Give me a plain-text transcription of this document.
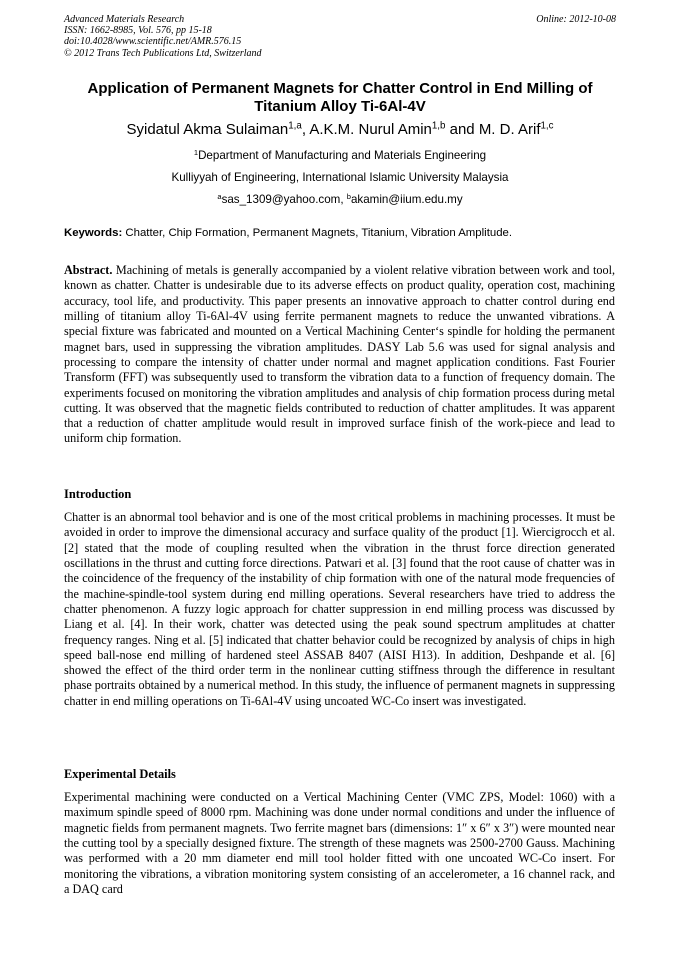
Advanced Materials Research
ISSN: 1662-8985, Vol. 576, pp 15-18
doi:10.4028/www.scientific.net/AMR.576.15
© 2012 Trans Tech Publications Ltd, Switzerland
Online: 2012-10-08
Application of Permanent Magnets for Chatter Control in End Milling of
Titanium Alloy Ti-6Al-4V
Syidatul Akma Sulaiman$^{1,a}$, A.K.M. Nurul Amin$^{1,b}$ and M. D. Arif$^{1,c}$
$^1$Department of Manufacturing and Materials Engineering
Kulliyyah of Engineering, International Islamic University Malaysia
$^a$sas_1309@yahoo.com, $^b$akamin@iium.edu.my
Keywords: Chatter, Chip Formation, Permanent Magnets, Titanium, Vibration Amplitude.
Abstract. Machining of metals is generally accompanied by a violent relative vibration between work and tool, known as chatter. Chatter is undesirable due to its adverse effects on product quality, operation cost, machining accuracy, tool life, and productivity. This paper presents an innovative approach to chatter control during end milling of titanium alloy Ti-6Al-4V using ferrite permanent magnets to reduce the unwanted vibrations. A special fixture was fabricated and mounted on a Vertical Machining Center‘s spindle for holding the permanent magnet bars, used in suppressing the vibration amplitudes. DASY Lab 5.6 was used for signal analysis and processing to compare the intensity of chatter under normal and magnet application conditions. Fast Fourier Transform (FFT) was subsequently used to transform the vibration data to a function of frequency domain. The experiments focused on monitoring the vibration amplitudes and analysis of chip formation process during metal cutting. It was observed that the magnetic fields contributed to reduction of chatter amplitudes. It was apparent that a reduction of chatter amplitude would result in improved surface finish of the work-piece and lead to uniform chip formation.
Introduction
Chatter is an abnormal tool behavior and is one of the most critical problems in machining processes. It must be avoided in order to improve the dimensional accuracy and surface quality of the product [1]. Wiercigrocch et al. [2] stated that the mode of coupling resulted when the vibration in the thrust force direction generated oscillations in the thrust and cutting force directions. Patwari et al. [3] found that the root cause of chatter was in the coincidence of the frequency of the instability of chip formation with one of the natural mode frequencies of the machine-spindle-tool system during end milling operations. Several researchers have tried to address the chatter phenomenon. A fuzzy logic approach for chatter suppression in end milling process was discussed by Liang et al. [4]. In their work, chatter was detected using the peak sound spectrum amplitudes at chatter frequency ranges. Ning et al. [5] indicated that chatter behavior could be recognized by analysis of chips in high speed ball-nose end milling of hardened steel ASSAB 8407 (AISI H13). In addition, Deshpande et al. [6] showed the effect of the third order term in the nonlinear cutting stiffness through the difference in resultant phase portraits obtained by a numerical method. In this study, the influence of permanent magnets in suppressing chatter in end milling operations on Ti-6Al-4V using uncoated WC-Co insert was investigated.
Experimental Details
Experimental machining were conducted on a Vertical Machining Center (VMC ZPS, Model: 1060) with a maximum spindle speed of 8000 rpm. Machining was done under normal conditions and under the influence of magnetic fields from permanent magnets. Two ferrite magnet bars (dimensions: 1″ x 6″ x 3″) were mounted near the cutting tool by a specially designed fixture. The strength of these magnets was 2500-2700 Gauss. Machining was performed with a 20 mm diameter end mill tool holder fitted with one uncoated WC-Co insert. For monitoring the vibrations, a vibration monitoring system consisting of an accelerometer, a 16 channel rack, and a DAQ card
